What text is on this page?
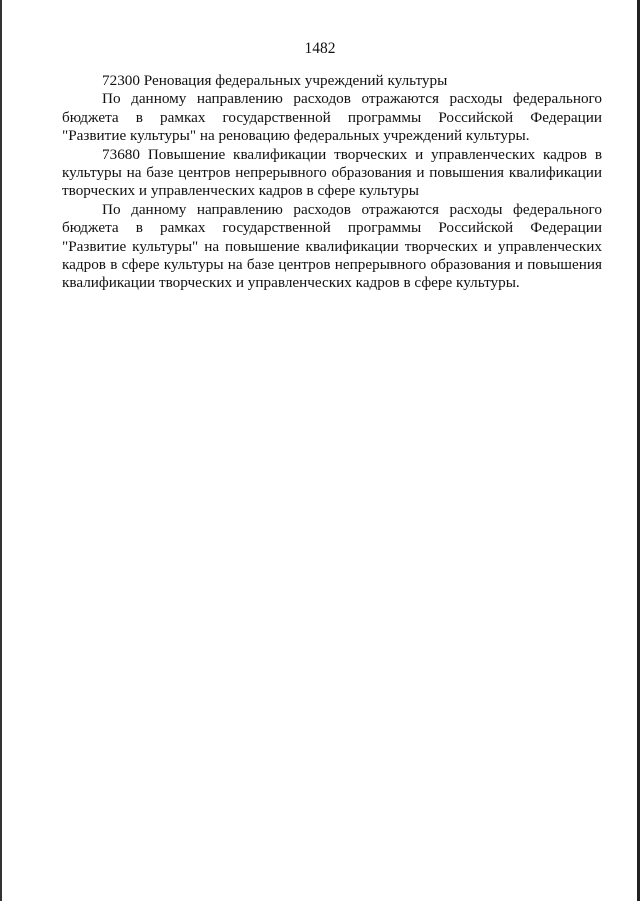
1482
72300 Реновация федеральных учреждений культуры
По данному направлению расходов отражаются расходы федерального
бюджета в рамках государственной программы Российской Федерации
"Развитие культуры" на реновацию федеральных учреждений культуры.
73680 Повышение квалификации творческих и управленческих кадров в
культуры на базе центров непрерывного образования и повышения квалификации
творческих и управленческих кадров в сфере культуры
По данному направлению расходов отражаются расходы федерального
бюджета в рамках государственной программы Российской Федерации
"Развитие культуры" на повышение квалификации творческих и управленческих
кадров в сфере культуры на базе центров непрерывного образования и повышения
квалификации творческих и управленческих кадров в сфере культуры.
